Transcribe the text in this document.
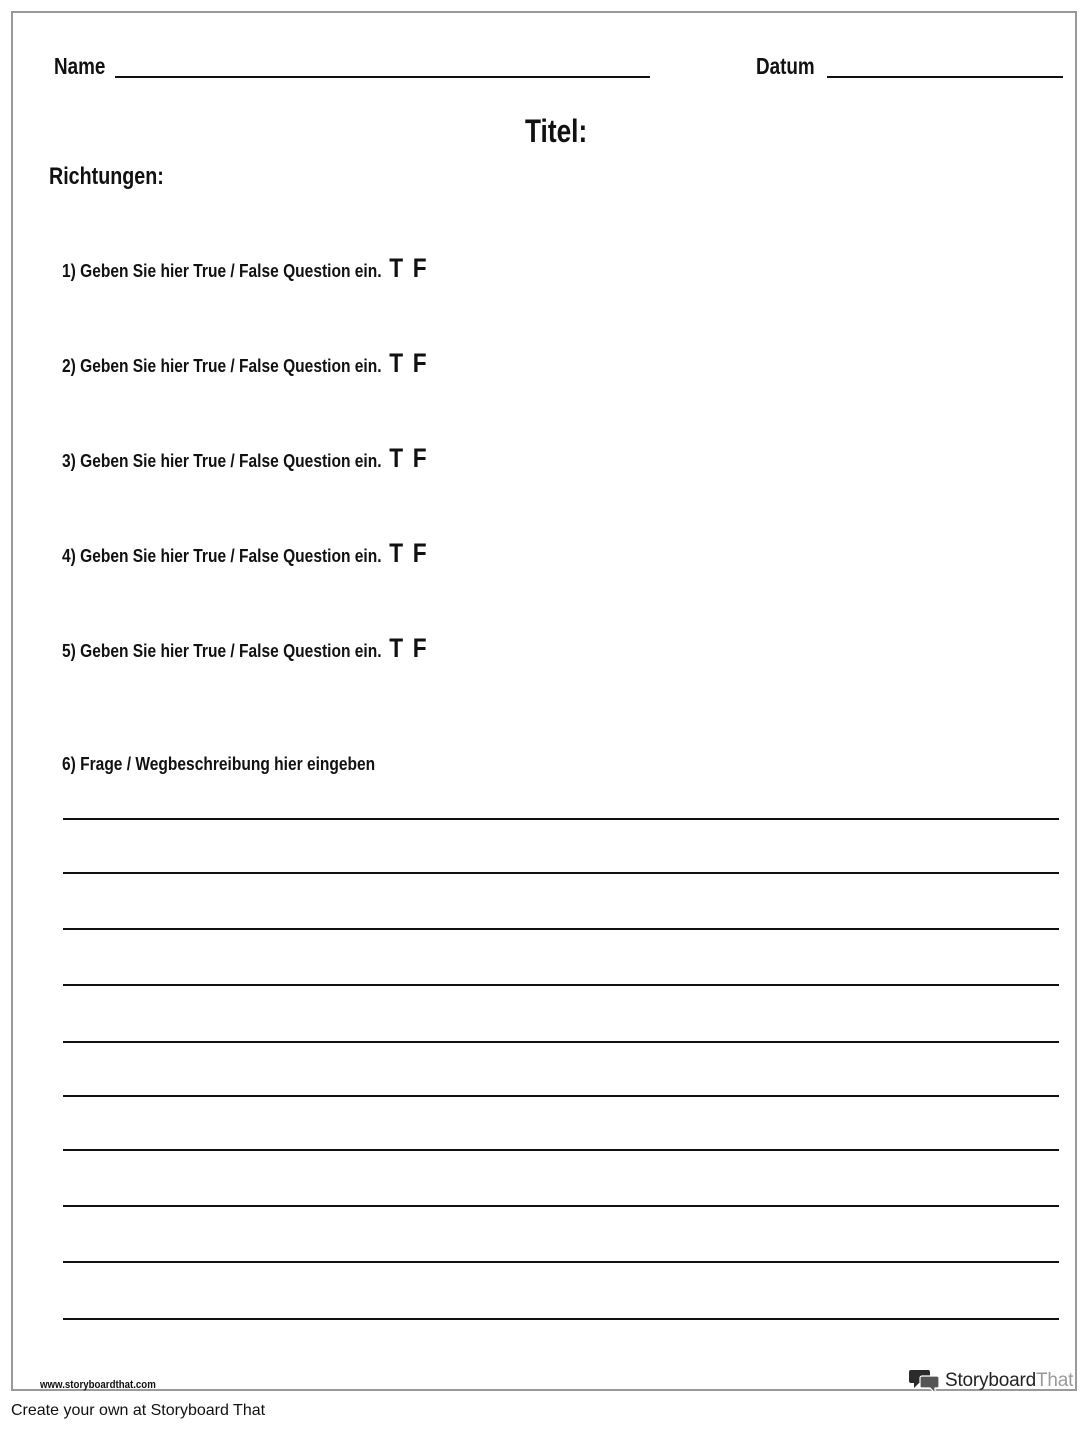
Name	Datum
Titel:
Richtungen:
1) Geben Sie hier True / False Question ein. T F
2) Geben Sie hier True / False Question ein. T F
3) Geben Sie hier True / False Question ein. T F
4) Geben Sie hier True / False Question ein. T F
5) Geben Sie hier True / False Question ein. T F
6) Frage / Wegbeschreibung hier eingeben
www.storyboardthat.com	StoryboardThat
Create your own at Storyboard That
